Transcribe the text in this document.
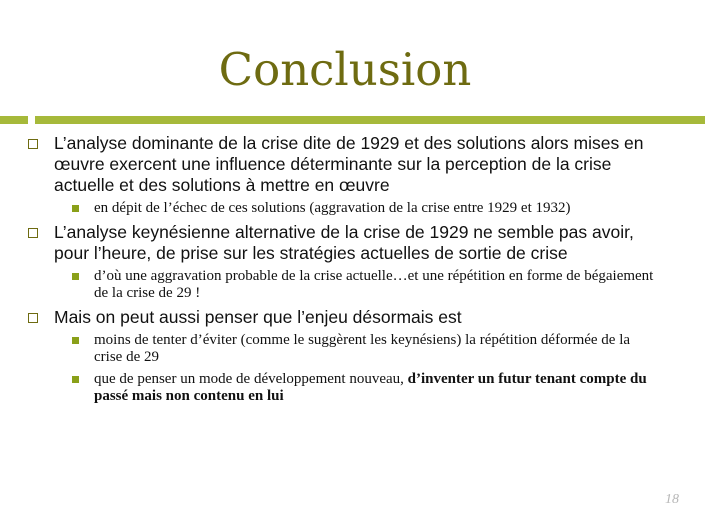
Conclusion
L’analyse dominante de la crise dite de 1929 et des solutions alors mises en œuvre exercent une influence déterminante sur la perception de la crise actuelle et des solutions à mettre en œuvre
en dépit de l’échec de ces solutions (aggravation de la crise entre 1929 et 1932)
L’analyse keynésienne alternative de la crise de 1929 ne semble pas avoir, pour l’heure, de prise sur les stratégies actuelles de sortie de crise
d’où une aggravation probable de la crise actuelle…et une répétition en forme de bégaiement de la crise de 29 !
Mais on peut aussi penser que l’enjeu désormais est
moins de tenter d’éviter (comme le suggèrent les keynésiens) la répétition déformée de la crise de 29
que de penser un mode de développement nouveau, d’inventer un futur tenant compte du passé mais non contenu en lui
18
